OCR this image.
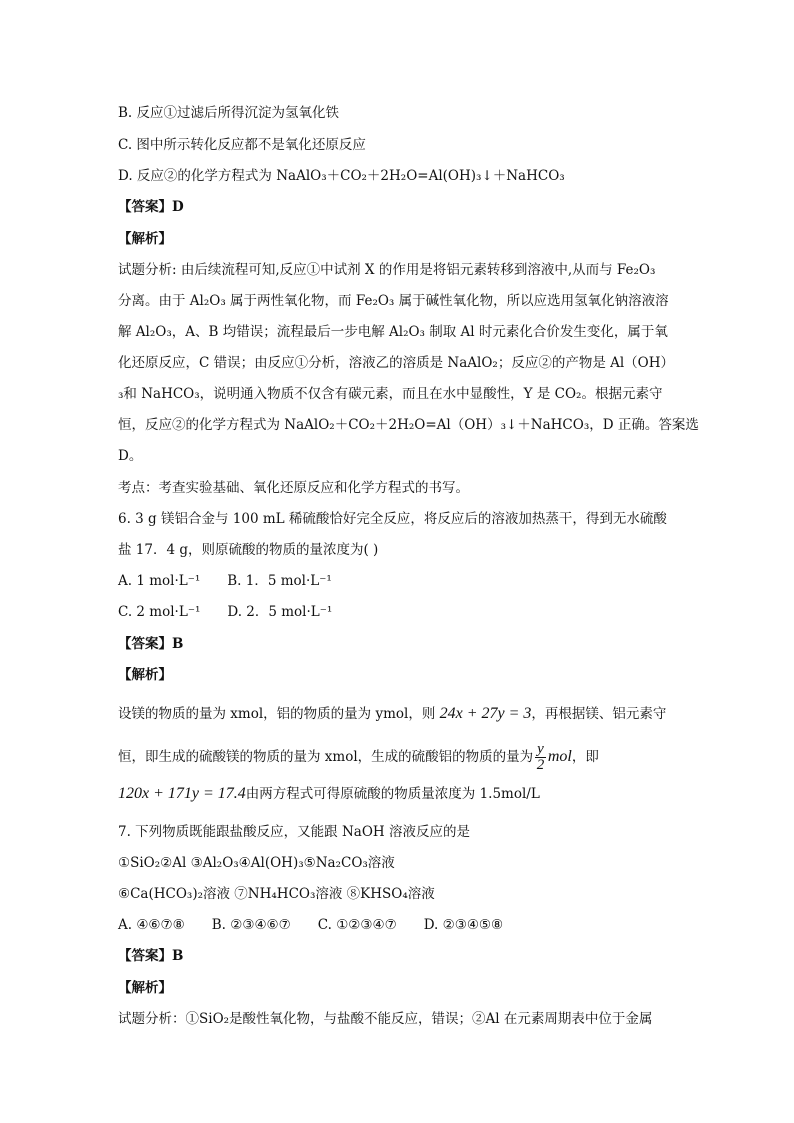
B. 反应①过滤后所得沉淀为氢氧化铁
C. 图中所示转化反应都不是氧化还原反应
D. 反应②的化学方程式为 NaAlO₃＋CO₂＋2H₂O=Al(OH)₃↓＋NaHCO₃
【答案】D
【解析】
试题分析: 由后续流程可知,反应①中试剂 X 的作用是将铝元素转移到溶液中,从而与 Fe₂O₃
分离。由于 Al₂O₃ 属于两性氧化物，而 Fe₂O₃ 属于碱性氧化物，所以应选用氢氧化钠溶液溶
解 Al₂O₃，A、B 均错误；流程最后一步电解 Al₂O₃ 制取 Al 时元素化合价发生变化，属于氧
化还原反应，C 错误；由反应①分析，溶液乙的溶质是 NaAlO₂；反应②的产物是 Al（OH）
₃和 NaHCO₃，说明通入物质不仅含有碳元素，而且在水中显酸性，Y 是 CO₂。根据元素守
恒，反应②的化学方程式为 NaAlO₂＋CO₂＋2H₂O=Al（OH）₃↓＋NaHCO₃，D 正确。答案选
D。
考点：考查实验基础、氧化还原反应和化学方程式的书写。
6. 3 g 镁铝合金与 100 mL 稀硫酸恰好完全反应，将反应后的溶液加热蒸干，得到无水硫酸
盐 17．4 g，则原硫酸的物质的量浓度为( )
A. 1 mol·L⁻¹　　B. 1．5 mol·L⁻¹
C. 2 mol·L⁻¹　　D. 2．5 mol·L⁻¹
【答案】B
【解析】
设镁的物质的量为 xmol，铝的物质的量为 ymol，则 24x + 27y = 3，再根据镁、铝元素守
恒，即生成的硫酸镁的物质的量为 xmol，生成的硫酸铝的物质的量为 $\frac{y}{2}$ mol，即
120x + 171y = 17.4由两方程式可得原硫酸的物质量浓度为 1.5mol/L
7. 下列物质既能跟盐酸反应，又能跟 NaOH 溶液反应的是
①SiO₂②Al ③Al₂O₃④Al(OH)₃⑤Na₂CO₃溶液
⑥Ca(HCO₃)₂溶液 ⑦NH₄HCO₃溶液 ⑧KHSO₄溶液
A. ④⑥⑦⑧　　B. ②③④⑥⑦　　C. ①②③④⑦　　D. ②③④⑤⑧
【答案】B
【解析】
试题分析：①SiO₂是酸性氧化物，与盐酸不能反应，错误；②Al 在元素周期表中位于金属
